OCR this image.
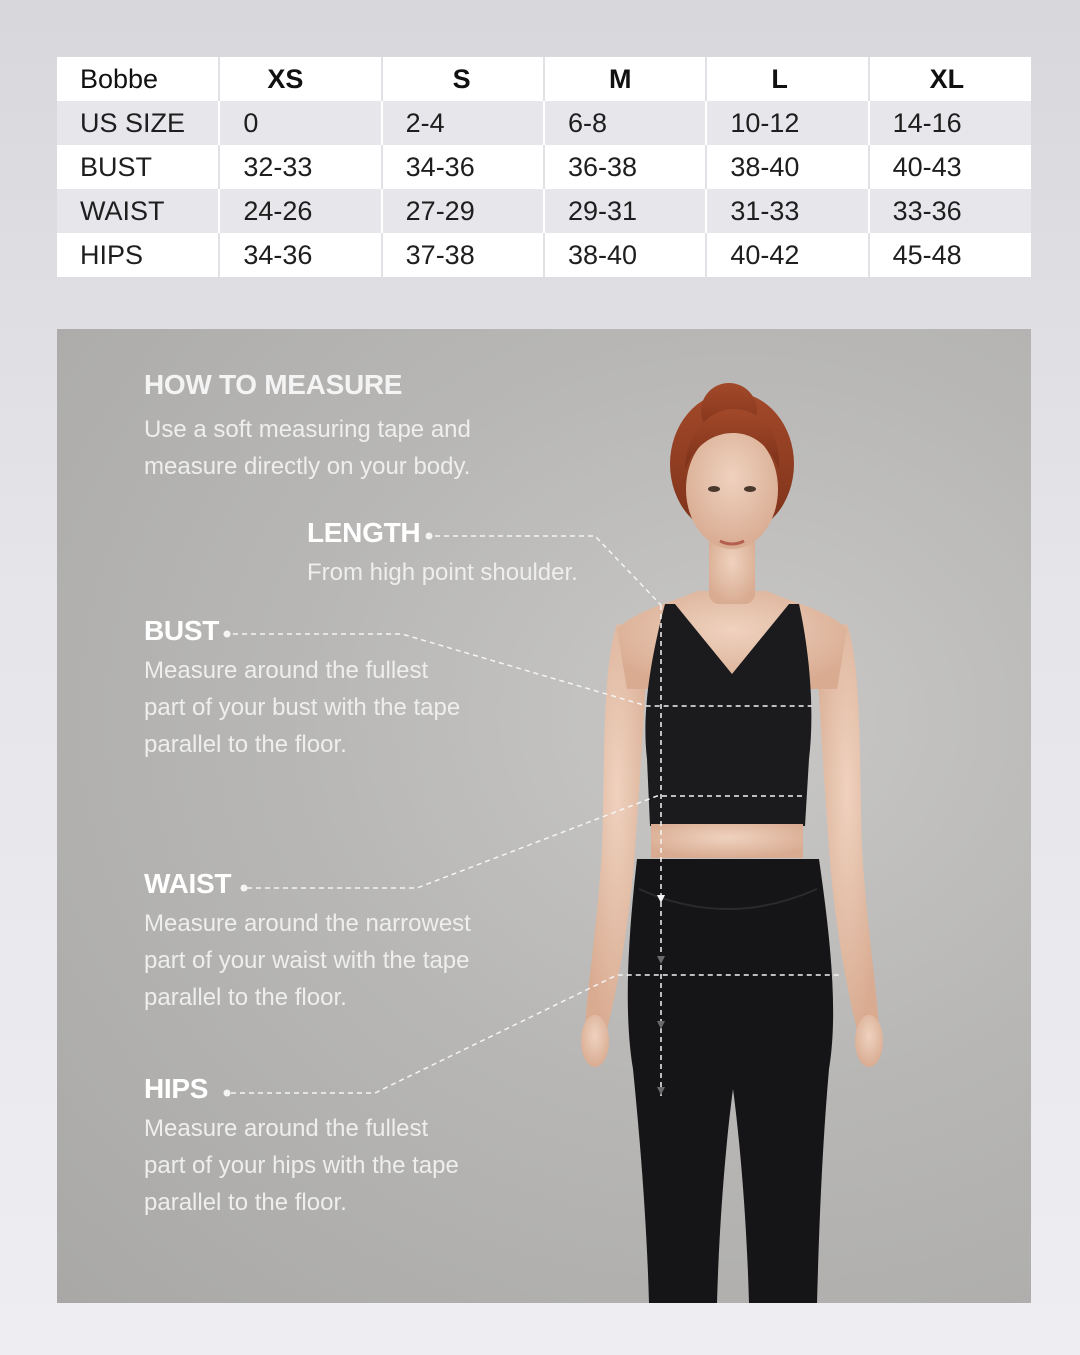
Bobbe	XS	S	M	L	XL
US SIZE	0	2-4	6-8	10-12	14-16
BUST	32-33	34-36	36-38	38-40	40-43
WAIST	24-26	27-29	29-31	31-33	33-36
HIPS	34-36	37-38	38-40	40-42	45-48
HOW TO MEASURE
Use a soft measuring tape and
measure directly on your body.
LENGTH
From high point shoulder.
BUST
Measure around the fullest
part of your bust with the tape
parallel to the floor.
WAIST
Measure around the narrowest
part of your waist with the tape
parallel to the floor.
HIPS
Measure around the fullest
part of your hips with the tape
parallel to the floor.
